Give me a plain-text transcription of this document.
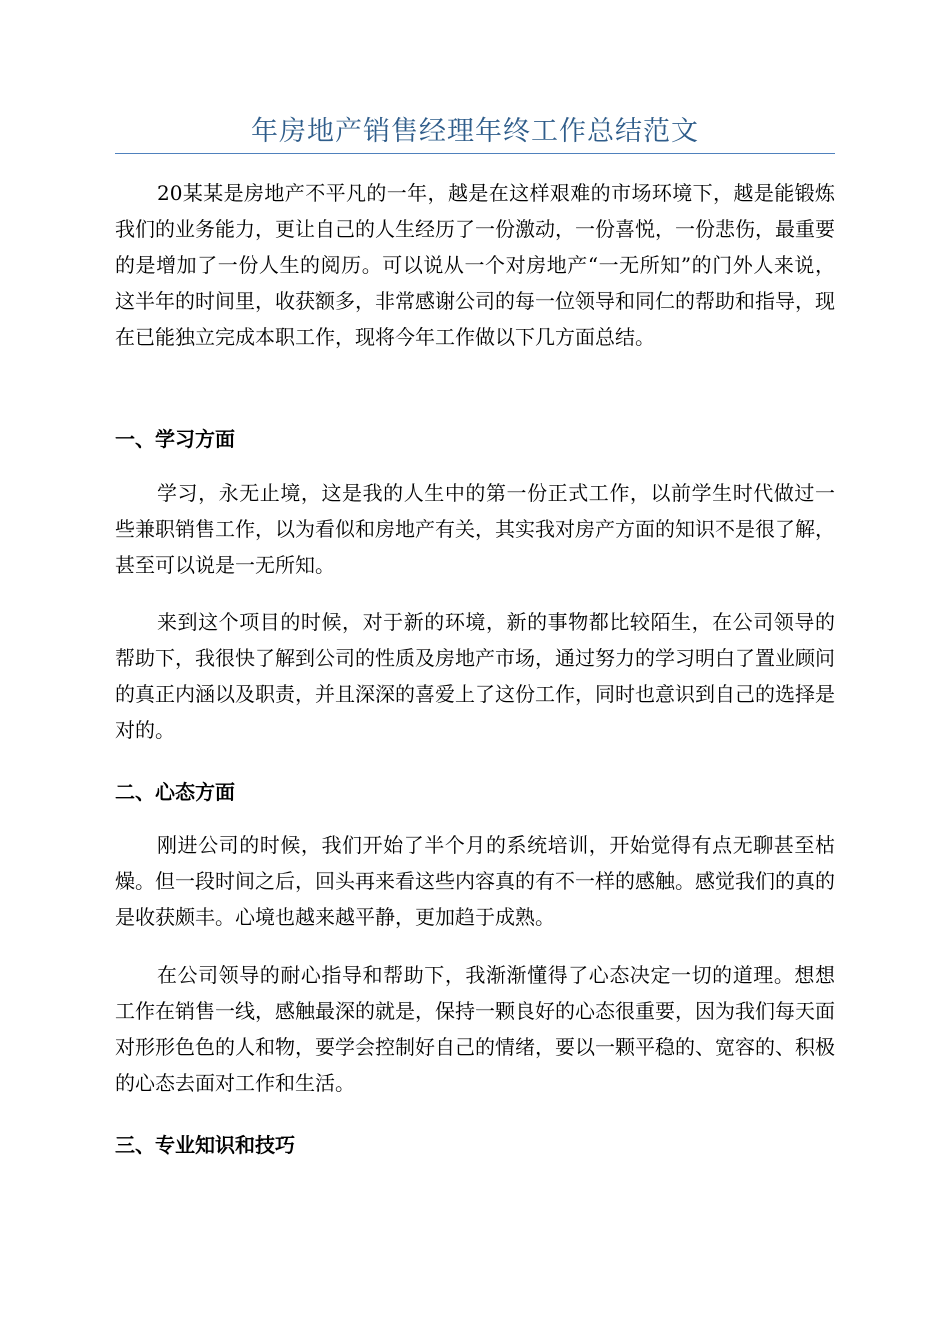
年房地产销售经理年终工作总结范文

20某某是房地产不平凡的一年，越是在这样艰难的市场环境下，越是能锻炼我们的业务能力，更让自己的人生经历了一份激动，一份喜悦，一份悲伤，最重要的是增加了一份人生的阅历。可以说从一个对房地产“一无所知”的门外人来说，这半年的时间里，收获额多，非常感谢公司的每一位领导和同仁的帮助和指导，现在已能独立完成本职工作，现将今年工作做以下几方面总结。

一、学习方面

学习，永无止境，这是我的人生中的第一份正式工作，以前学生时代做过一些兼职销售工作，以为看似和房地产有关，其实我对房产方面的知识不是很了解，甚至可以说是一无所知。

来到这个项目的时候，对于新的环境，新的事物都比较陌生，在公司领导的帮助下，我很快了解到公司的性质及房地产市场，通过努力的学习明白了置业顾问的真正内涵以及职责，并且深深的喜爱上了这份工作，同时也意识到自己的选择是对的。

二、心态方面

刚进公司的时候，我们开始了半个月的系统培训，开始觉得有点无聊甚至枯燥。但一段时间之后，回头再来看这些内容真的有不一样的感触。感觉我们的真的是收获颇丰。心境也越来越平静，更加趋于成熟。

在公司领导的耐心指导和帮助下，我渐渐懂得了心态决定一切的道理。想想工作在销售一线，感触最深的就是，保持一颗良好的心态很重要，因为我们每天面对形形色色的人和物，要学会控制好自己的情绪，要以一颗平稳的、宽容的、积极的心态去面对工作和生活。

三、专业知识和技巧
